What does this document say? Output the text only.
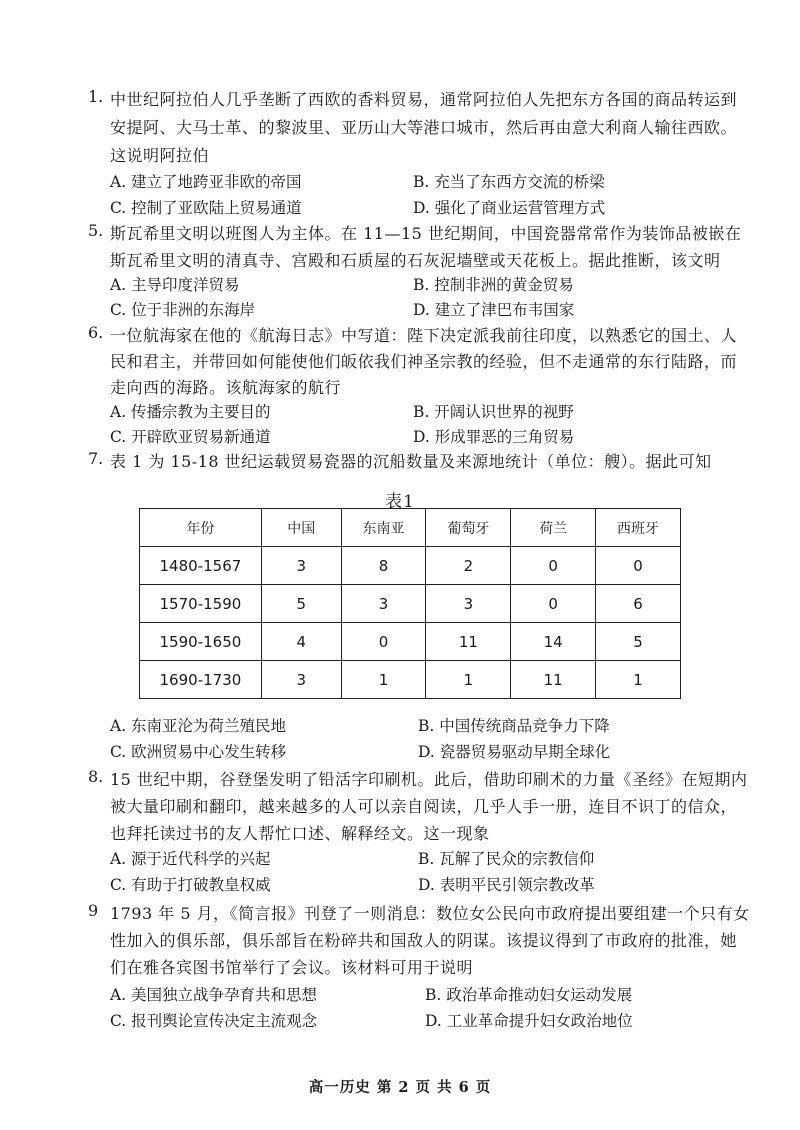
1. 中世纪阿拉伯人几乎垄断了西欧的香料贸易，通常阿拉伯人先把东方各国的商品转运到
安提阿、大马士革、的黎波里、亚历山大等港口城市，然后再由意大利商人输往西欧。
这说明阿拉伯
A. 建立了地跨亚非欧的帝国	B. 充当了东西方交流的桥梁
C. 控制了亚欧陆上贸易通道	D. 强化了商业运营管理方式
5. 斯瓦希里文明以班图人为主体。在 11—15 世纪期间，中国瓷器常常作为装饰品被嵌在
斯瓦希里文明的清真寺、宫殿和石质屋的石灰泥墙壁或天花板上。据此推断，该文明
A. 主导印度洋贸易	B. 控制非洲的黄金贸易
C. 位于非洲的东海岸	D. 建立了津巴布韦国家
6. 一位航海家在他的《航海日志》中写道：陛下决定派我前往印度，以熟悉它的国土、人
民和君主，并带回如何能使他们皈依我们神圣宗教的经验，但不走通常的东行陆路，而
走向西的海路。该航海家的航行
A. 传播宗教为主要目的	B. 开阔认识世界的视野
C. 开辟欧亚贸易新通道	D. 形成罪恶的三角贸易
7. 表 1 为 15-18 世纪运载贸易瓷器的沉船数量及来源地统计（单位：艘）。据此可知
表1
年份	中国	东南亚	葡萄牙	荷兰	西班牙
1480-1567	3	8	2	0	0
1570-1590	5	3	3	0	6
1590-1650	4	0	11	14	5
1690-1730	3	1	1	11	1
A. 东南亚沦为荷兰殖民地	B. 中国传统商品竞争力下降
C. 欧洲贸易中心发生转移	D. 瓷器贸易驱动早期全球化
8. 15 世纪中期，谷登堡发明了铅活字印刷机。此后，借助印刷术的力量《圣经》在短期内
被大量印刷和翻印，越来越多的人可以亲自阅读，几乎人手一册，连目不识丁的信众，
也拜托读过书的友人帮忙口述、解释经文。这一现象
A. 源于近代科学的兴起	B. 瓦解了民众的宗教信仰
C. 有助于打破教皇权威	D. 表明平民引领宗教改革
9 1793 年 5 月，《简言报》刊登了一则消息：数位女公民向市政府提出要组建一个只有女
性加入的俱乐部，俱乐部旨在粉碎共和国敌人的阴谋。该提议得到了市政府的批准，她
们在雅各宾图书馆举行了会议。该材料可用于说明
A. 美国独立战争孕育共和思想	B. 政治革命推动妇女运动发展
C. 报刊舆论宣传决定主流观念	D. 工业革命提升妇女政治地位
高一历史 第 2 页 共 6 页
